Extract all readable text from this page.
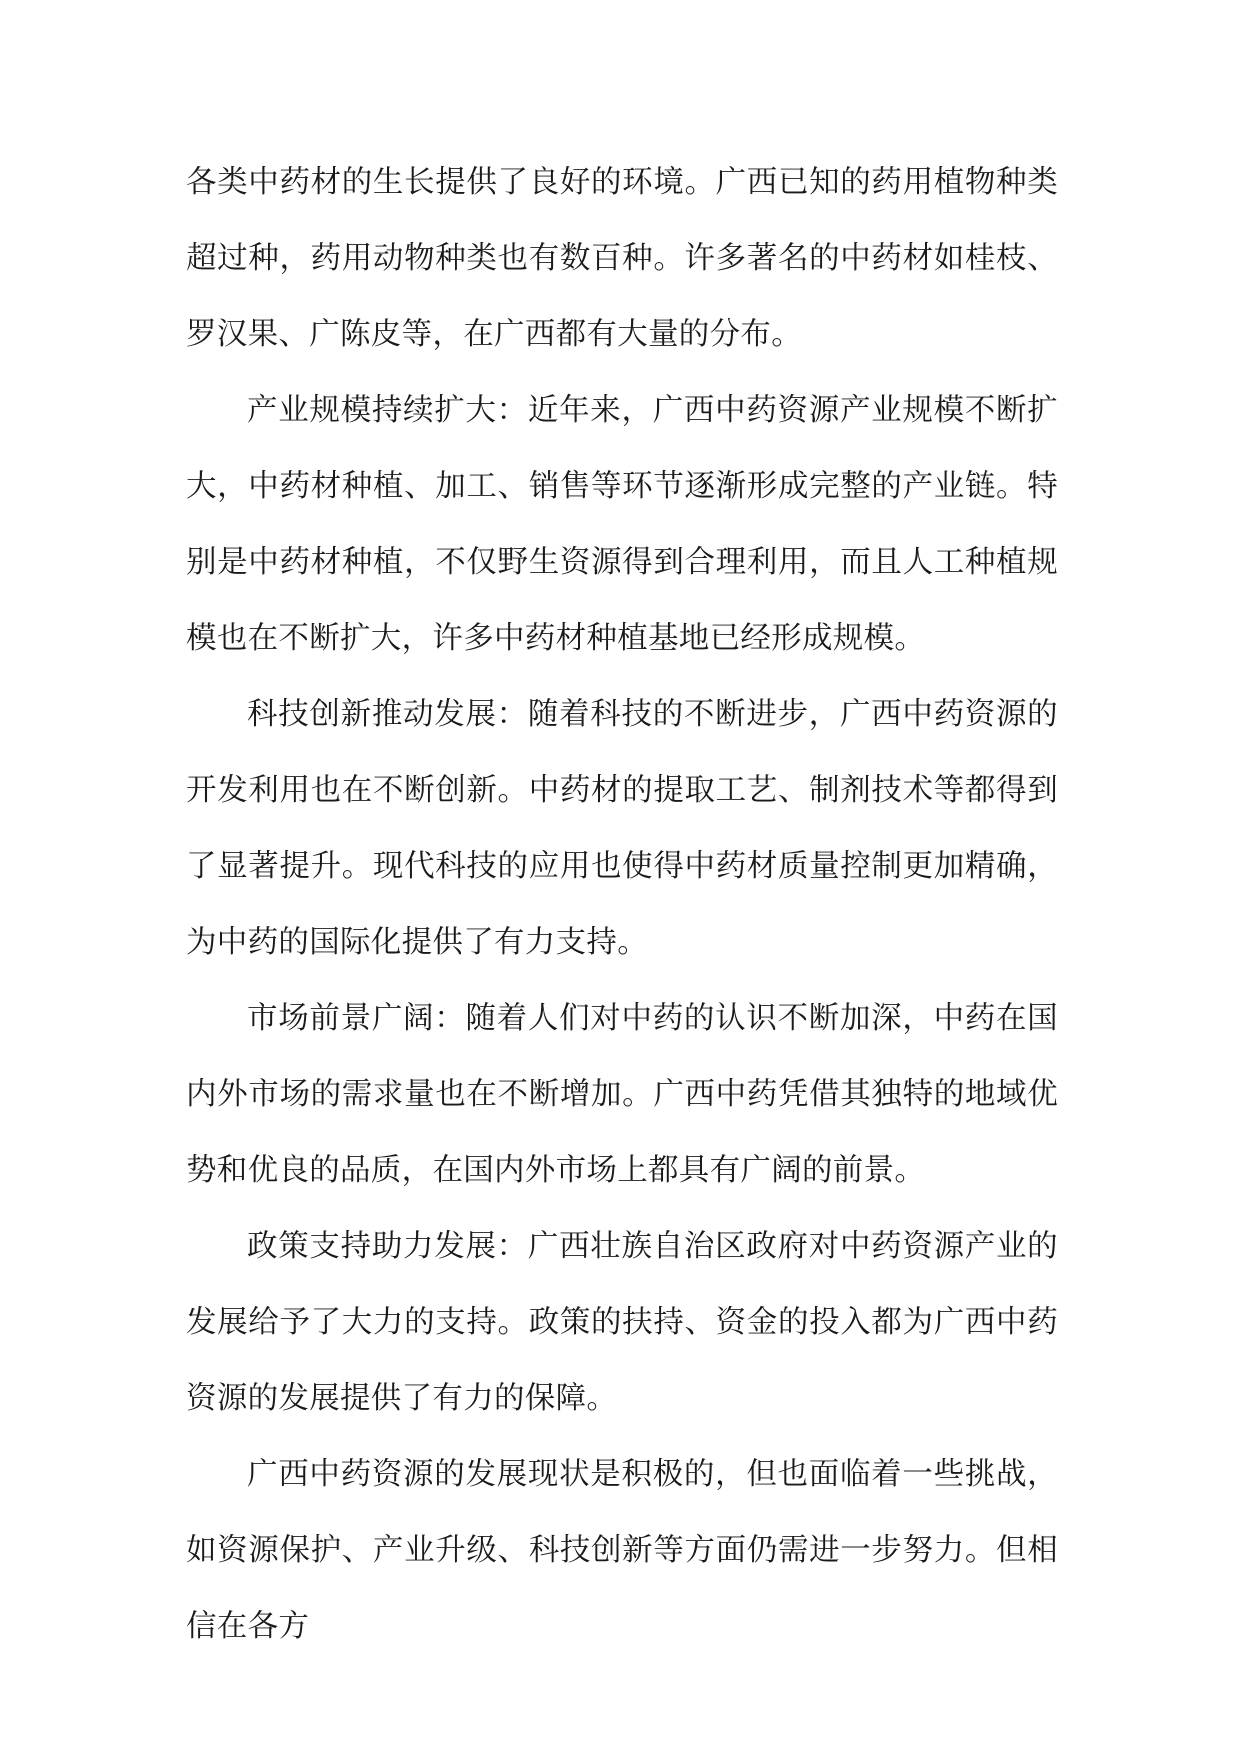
各类中药材的生长提供了良好的环境。广西已知的药用植物种类超过种，药用动物种类也有数百种。许多著名的中药材如桂枝、罗汉果、广陈皮等，在广西都有大量的分布。

产业规模持续扩大：近年来，广西中药资源产业规模不断扩大，中药材种植、加工、销售等环节逐渐形成完整的产业链。特别是中药材种植，不仅野生资源得到合理利用，而且人工种植规模也在不断扩大，许多中药材种植基地已经形成规模。

科技创新推动发展：随着科技的不断进步，广西中药资源的开发利用也在不断创新。中药材的提取工艺、制剂技术等都得到了显著提升。现代科技的应用也使得中药材质量控制更加精确，为中药的国际化提供了有力支持。

市场前景广阔：随着人们对中药的认识不断加深，中药在国内外市场的需求量也在不断增加。广西中药凭借其独特的地域优势和优良的品质，在国内外市场上都具有广阔的前景。

政策支持助力发展：广西壮族自治区政府对中药资源产业的发展给予了大力的支持。政策的扶持、资金的投入都为广西中药资源的发展提供了有力的保障。

广西中药资源的发展现状是积极的，但也面临着一些挑战，如资源保护、产业升级、科技创新等方面仍需进一步努力。但相信在各方
